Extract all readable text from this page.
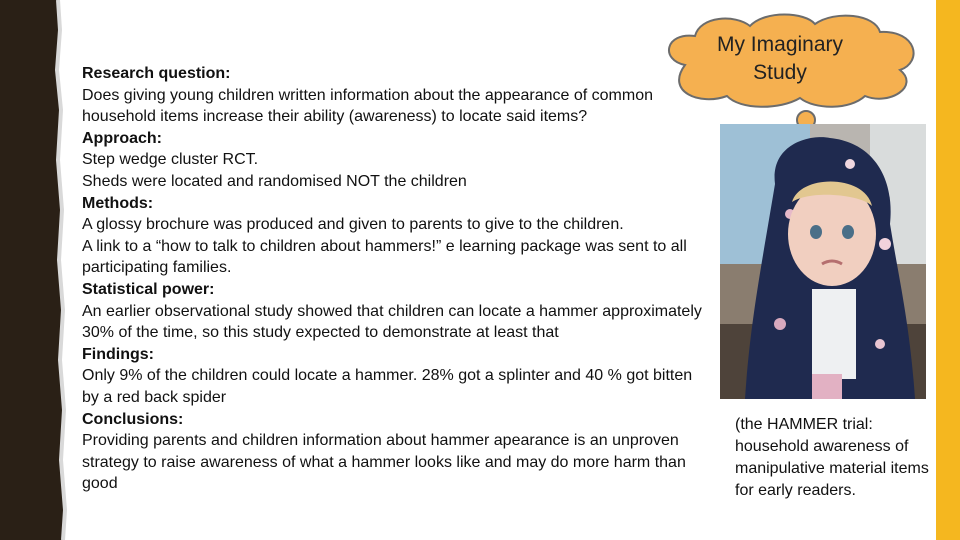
Research question:

Does giving young children written information about the appearance of common household items increase their ability (awareness) to locate said items?

Approach:

Step wedge cluster RCT.

Sheds were located and randomised NOT the children

Methods:

A glossy brochure was produced and given to parents to give to the children.

A link to a “how to talk to children about hammers!” e learning package was sent to all participating families.

Statistical power:

An earlier observational study showed that children can locate a hammer approximately 30% of the time, so this study expected to demonstrate at least that

Findings:

Only 9% of the children could locate a hammer. 28% got a splinter and 40 % got bitten by a red back spider

Conclusions:

Providing parents and children information about hammer apearance is an unproven strategy to raise awareness of what a hammer looks like and may do more harm than good

My Imaginary
Study
(the HAMMER trial: household awareness of manipulative material items for early readers.
